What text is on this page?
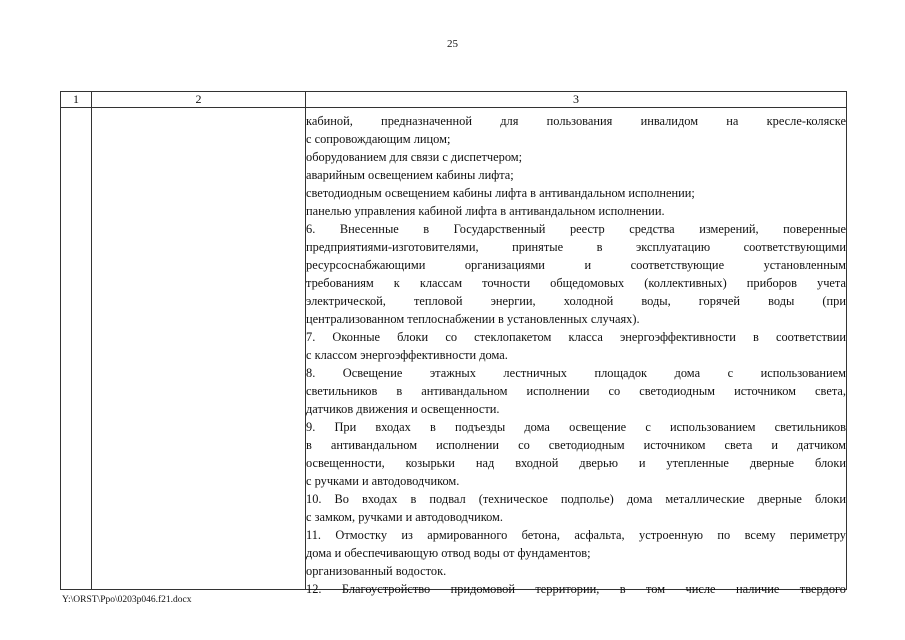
25
1	2	3

кабиной, предназначенной для пользования инвалидом на кресле-коляске

с сопровождающим лицом;

оборудованием для связи с диспетчером;

аварийным освещением кабины лифта;

светодиодным освещением кабины лифта в антивандальном исполнении;

панелью управления кабиной лифта в антивандальном исполнении.

6. Внесенные в Государственный реестр средства измерений, поверенные

предприятиями-изготовителями, принятые в эксплуатацию соответствующими

ресурсоснабжающими организациями и соответствующие установленным

требованиям к классам точности общедомовых (коллективных) приборов учета

электрической, тепловой энергии, холодной воды, горячей воды (при

централизованном теплоснабжении в установленных случаях).

7. Оконные блоки со стеклопакетом класса энергоэффективности в соответствии

с классом энергоэффективности дома.

8. Освещение этажных лестничных площадок дома с использованием

светильников в антивандальном исполнении со светодиодным источником света,

датчиков движения и освещенности.

9. При входах в подъезды дома освещение с использованием светильников

в антивандальном исполнении со светодиодным источником света и датчиком

освещенности, козырьки над входной дверью и утепленные дверные блоки

с ручками и автодоводчиком.

10. Во входах в подвал (техническое подполье) дома металлические дверные блоки

с замком, ручками и автодоводчиком.

11. Отмостку из армированного бетона, асфальта, устроенную по всему периметру

дома и обеспечивающую отвод воды от фундаментов;

организованный водосток.

12. Благоустройство придомовой территории, в том числе наличие твердого

Y:\ORST\Ppo\0203p046.f21.docx
